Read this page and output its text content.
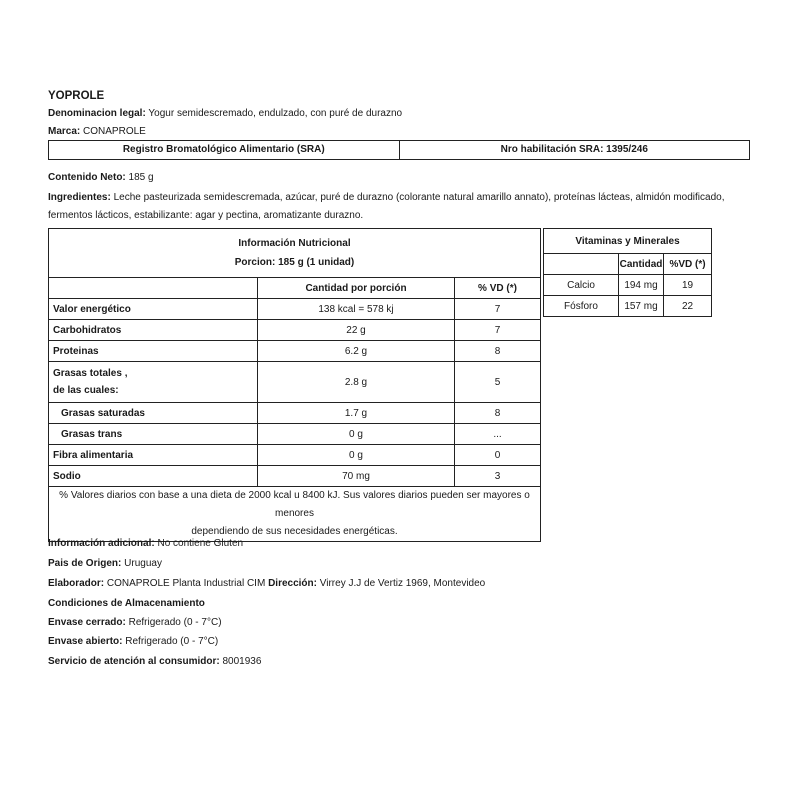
YOPROLE
Denominacion legal: Yogur semidescremado, endulzado, con puré de durazno
Marca: CONAPROLE
Registro Bromatológico Alimentario (SRA)	Nro habilitación SRA: 1395/246
Contenido Neto: 185 g
Ingredientes: Leche pasteurizada semidescremada, azúcar, puré de durazno (colorante natural amarillo annato), proteínas lácteas, almidón modificado, fermentos lácticos, estabilizante: agar y pectina, aromatizante durazno.
Información Nutricional
Porcion: 185 g (1 unidad)		

	Cantidad por porción	% VD (*)
Valor energético	138 kcal = 578 kj	7
Carbohidratos	22 g	7
Proteinas	6.2 g	8

Grasas totales ,
de las cuales:	2.8 g	5
Grasas saturadas	1.7 g	8
Grasas trans	0 g	...
Fibra alimentaria	0 g	0
Sodio	70 mg	3

% Valores diarios con base a una dieta de 2000 kcal u 8400 kJ. Sus valores diarios pueden ser mayores o menores
dependiendo de sus necesidades energéticas.		
Vitaminas y Minerales		
	Cantidad	%VD (*)
Calcio	194 mg	19
Fósforo	157 mg	22
Información adicional: No contiene Gluten
Pais de Origen: Uruguay
Elaborador: CONAPROLE Planta Industrial CIM Dirección: Virrey J.J de Vertiz 1969, Montevideo
Condiciones de Almacenamiento
Envase cerrado: Refrigerado (0 - 7°C)
Envase abierto: Refrigerado (0 - 7°C)
Servicio de atención al consumidor: 8001936
